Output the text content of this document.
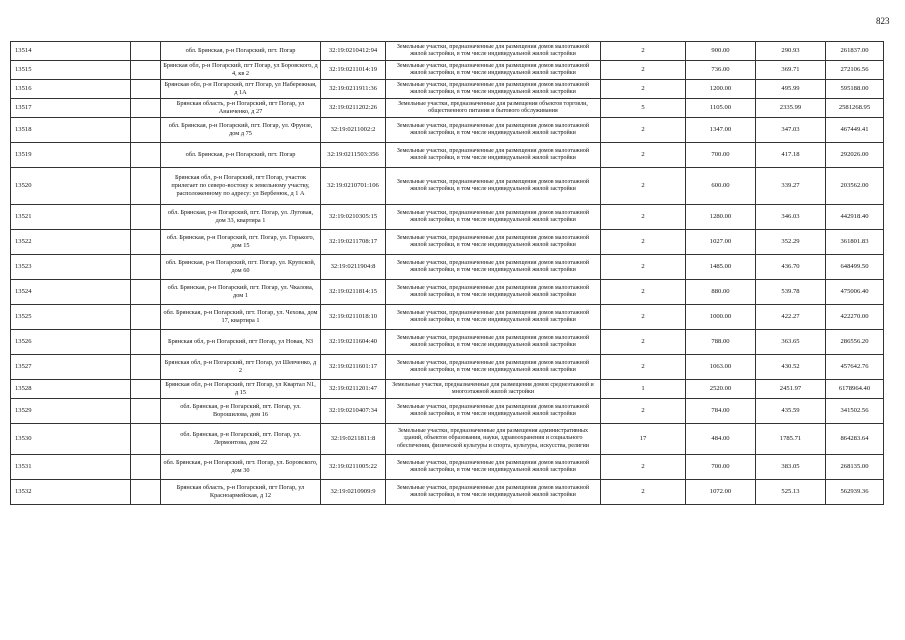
823
13514		обл. Брянская, р-н Погарский, пгт. Погар	32:19:0210412:94	Земельные участки, предназначенные для размещения домов малоэтажной жилой застройки, в том числе индивидуальной жилой застройки	2	900.00	290.93	261837.00
13515		Брянская обл, р-н Погарский, пгт Погар, ул Боровского, д 4, кв 2	32:19:0211014:19	Земельные участки, предназначенные для размещения домов малоэтажной жилой застройки, в том числе индивидуальной жилой застройки	2	736.00	369.71	272106.56
13516		Брянская обл, р-н Погарский, пгт Погар, ул Набережная, д 1А	32:19:0211911:36	Земельные участки, предназначенные для размещения домов малоэтажной жилой застройки, в том числе индивидуальной жилой застройки	2	1200.00	495.99	595188.00
13517		Брянская область, р-н Погарский, пгт Погар, ул Ананченко, д 27	32:19:0211202:26	Земельные участки, предназначенные для размещения объектов торговли, общественного питания и бытового обслуживания	5	1105.00	2335.99	2581268.95
13518		обл. Брянская, р-н Погарский, пгт. Погар, ул. Фрунзе, дом д 75	32:19:0211002:2	Земельные участки, предназначенные для размещения домов малоэтажной жилой застройки, в том числе индивидуальной жилой застройки	2	1347.00	347.03	467449.41
13519		обл. Брянская, р-н Погарский, пгт. Погар	32:19:0211503:356	Земельные участки, предназначенные для размещения домов малоэтажной жилой застройки, в том числе индивидуальной жилой застройки	2	700.00	417.18	292026.00
13520		Брянская обл, р-н Погарский, пгт Погар, участок прилегает по северо-востоку к земельному участку, расположенному по адресу: ул Вербенюк, д 1 А	32:19:0210701:106	Земельные участки, предназначенные для размещения домов малоэтажной жилой застройки, в том числе индивидуальной жилой застройки	2	600.00	339.27	203562.00
13521		обл. Брянская, р-н Погарский, пгт. Погар, ул. Луговая, дом 33, квартира 1	32:19:0210305:15	Земельные участки, предназначенные для размещения домов малоэтажной жилой застройки, в том числе индивидуальной жилой застройки	2	1280.00	346.03	442918.40
13522		обл. Брянская, р-н Погарский, пгт. Погар, ул. Горького, дом 15	32:19:0211708:17	Земельные участки, предназначенные для размещения домов малоэтажной жилой застройки, в том числе индивидуальной жилой застройки	2	1027.00	352.29	361801.83
13523		обл. Брянская, р-н Погарский, пгт. Погар, ул. Крупской, дом 60	32:19:0211904:8	Земельные участки, предназначенные для размещения домов малоэтажной жилой застройки, в том числе индивидуальной жилой застройки	2	1485.00	436.70	648499.50
13524		обл. Брянская, р-н Погарский, пгт. Погар, ул. Чкалова, дом 1	32:19:0211814:15	Земельные участки, предназначенные для размещения домов малоэтажной жилой застройки, в том числе индивидуальной жилой застройки	2	880.00	539.78	475006.40
13525		обл. Брянская, р-н Погарский, пгт. Погар, ул. Чехова, дом 17, квартира 1	32:19:0211018:10	Земельные участки, предназначенные для размещения домов малоэтажной жилой застройки, в том числе индивидуальной жилой застройки	2	1000.00	422.27	422270.00
13526		Брянская обл, р-н Погарский, пгт Погар, ул Новая, N3	32:19:0211604:40	Земельные участки, предназначенные для размещения домов малоэтажной жилой застройки, в том числе индивидуальной жилой застройки	2	788.00	363.65	286556.20
13527		Брянская обл, р-н Погарский, пгт Погар, ул Шевченко, д 2	32:19:0211601:17	Земельные участки, предназначенные для размещения домов малоэтажной жилой застройки, в том числе индивидуальной жилой застройки	2	1063.00	430.52	457642.76
13528		Брянская обл, р-н Погарский, пгт Погар, ул Квартал N1, д 15	32:19:0211201:47	Земельные участки, предназначенные для размещения домов среднеэтажной и многоэтажной жилой застройки	1	2520.00	2451.97	6178964.40
13529		обл. Брянская, р-н Погарский, пгт. Погар, ул. Ворошилова, дом 16	32:19:0210407:34	Земельные участки, предназначенные для размещения домов малоэтажной жилой застройки, в том числе индивидуальной жилой застройки	2	784.00	435.59	341502.56
13530		обл. Брянская, р-н Погарский, пгт. Погар, ул. Лермонтова, дом 22	32:19:0211811:8	Земельные участки, предназначенные для размещения административных зданий, объектов образования, науки, здравоохранения и социального обеспечения, физической культуры и спорта, культуры, искусства, религии	17	484.00	1785.71	864283.64
13531		обл. Брянская, р-н Погарский, пгт. Погар, ул. Боровского, дом 30	32:19:0211005:22	Земельные участки, предназначенные для размещения домов малоэтажной жилой застройки, в том числе индивидуальной жилой застройки	2	700.00	383.05	268135.00
13532		Брянская область, р-н Погарский, пгт Погар, ул Красноармейская, д 12	32:19:0210909:9	Земельные участки, предназначенные для размещения домов малоэтажной жилой застройки, в том числе индивидуальной жилой застройки	2	1072.00	525.13	562939.36
